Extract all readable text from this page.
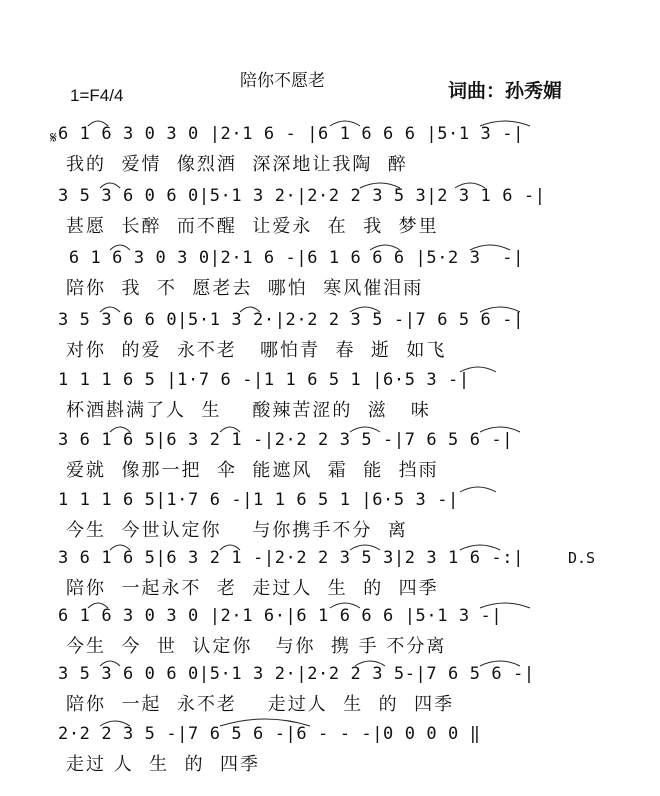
陪你不愿老
1=F4/4	词曲：孙秀媚
𝄋 6 1 6 3 0 3 0 |2·1 6 - |6 1 6 6 6 |5·1 3 -|
我的  爱情  像烈酒  深深地让我陶  醉
3 5 3 6 0 6 0|5·1 3 2·|2·2 2 3 5 3|2 3 1 6 -|
甚愿  长醉  而不醒  让爱永  在  我  梦里
6 1 6 3 0 3 0|2·1 6 -|6 1 6 6 6 |5·2 3  -|
陪你  我  不  愿老去  哪怕  寒风催泪雨
3 5 3 6 6 0|5·1 3 2·|2·2 2 3 5 -|7 6 5 6 -|
对你  的爱  永不老   哪怕青  春  逝  如飞
1 1 1 6 5 |1·7 6 -|1 1 6 5 1 |6·5 3 -|
杯酒斟满了人  生    酸辣苦涩的  滋   味
3 6 1 6 5|6 3 2 1 -|2·2 2 3 5 -|7 6 5 6 -|
爱就  像那一把  伞  能遮风  霜  能  挡雨
1 1 1 6 5|1·7 6 -|1 1 6 5 1 |6·5 3 -|
今生  今世认定你    与你携手不分  离
3 6 1 6 5|6 3 2 1 -|2·2 2 3 5 3|2 3 1 6 -:|	D.S
陪你  一起永不  老  走过人  生  的  四季
6 1 6 3 0 3 0 |2·1 6·|6 1 6 6 6 |5·1 3 -|
今生  今  世  认定你   与你  携 手 不分离
3 5 3 6 0 6 0|5·1 3 2·|2·2 2 3 5-|7 6 5 6 -|
陪你  一起  永不老    走过人  生  的  四季
2·2 2 3 5 -|7 6 5 6 -|6 - - -|0 0 0 0 ‖
走过 人  生  的  四季
